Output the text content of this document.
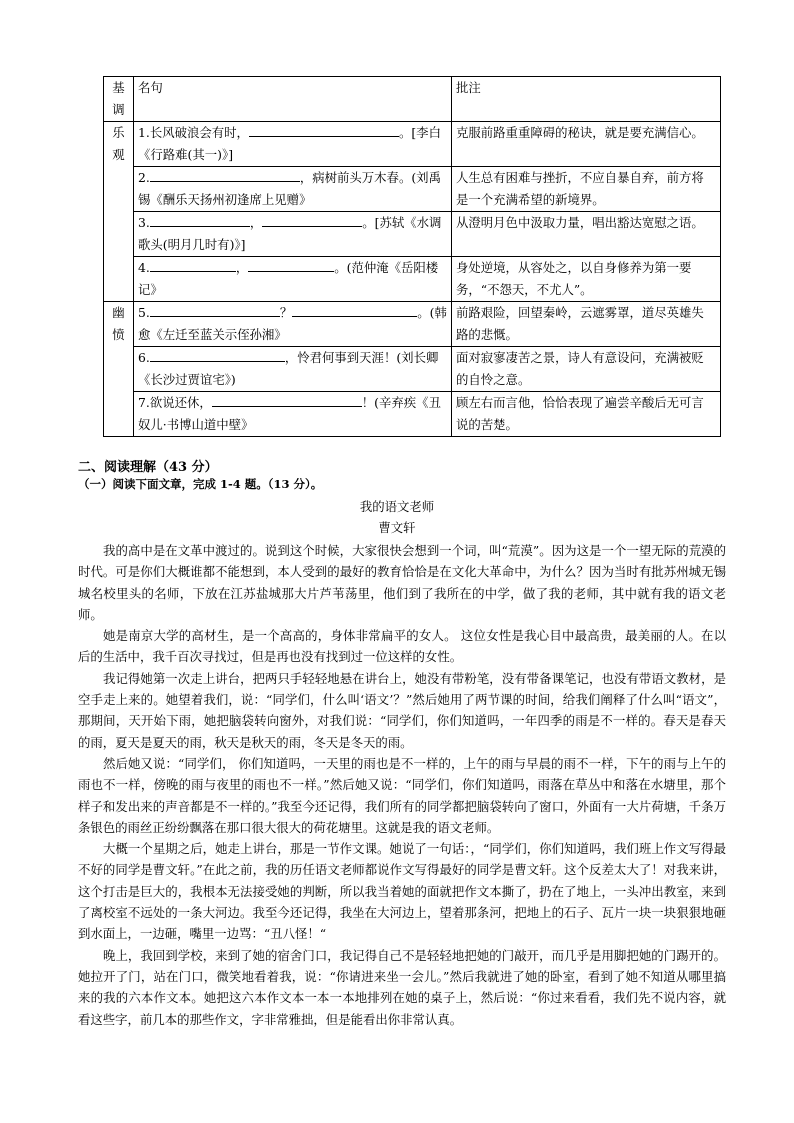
基调	名句	批注

乐观	1.长风破浪会有时， 。[李白《行路难(其一)》]	克服前路重重障碍的秘诀，就是要充满信心。
	2. ，病树前头万木春。(刘禹锡《酬乐天扬州初逢席上见赠》	人生总有困难与挫折，不应自暴自弃，前方将是一个充满希望的新境界。
	3. ， 。[苏轼《水调歌头(明月几时有)》]	从澄明月色中汲取力量，唱出豁达宽慰之语。
	4. ， 。(范仲淹《岳阳楼记》	身处逆境，从容处之，以自身修养为第一要务，“不怨天，不尤人”。

幽愤	5. ？ 。(韩愈《左迁至蓝关示侄孙湘》	前路艰险，回望秦岭，云遮雾罩，道尽英雄失路的悲慨。
	6. ，怜君何事到天涯！(刘长卿《长沙过贾谊宅》)	面对寂寥凄苦之景，诗人有意设问，充满被贬的自怜之意。
	7.欲说还休， ！(辛弃疾《丑奴儿·书博山道中壁》	顾左右而言他，恰恰表现了遍尝辛酸后无可言说的苦楚。
二、阅读理解（43 分）
（一）阅读下面文章，完成 1-4 题。（13 分）。
我的语文老师
曹文轩

我的高中是在文革中渡过的。说到这个时候，大家很快会想到一个词，叫“荒漠”。因为这是一个一望无际的荒漠的时代。可是你们大概谁都不能想到，本人受到的最好的教育恰恰是在文化大革命中，为什么？因为当时有批苏州城无锡城名校里头的名师，下放在江苏盐城那大片芦苇荡里，他们到了我所在的中学，做了我的老师，其中就有我的语文老师。

她是南京大学的高材生，是一个高高的，身体非常扁平的女人。 这位女性是我心目中最高贵，最美丽的人。在以后的生活中，我千百次寻找过，但是再也没有找到过一位这样的女性。

我记得她第一次走上讲台，把两只手轻轻地悬在讲台上，她没有带粉笔，没有带备课笔记，也没有带语文教材，是空手走上来的。她望着我们，说：“同学们，什么叫‘语文’？”然后她用了两节课的时间，给我们阐释了什么叫“语文”，那期间，天开始下雨，她把脑袋转向窗外，对我们说：“同学们，你们知道吗，一年四季的雨是不一样的。春天是春天的雨，夏天是夏天的雨，秋天是秋天的雨，冬天是冬天的雨。

然后她又说：“同学们， 你们知道吗，一天里的雨也是不一样的，上午的雨与早晨的雨不一样，下午的雨与上午的雨也不一样，傍晚的雨与夜里的雨也不一样。”然后她又说：“同学们，你们知道吗，雨落在草丛中和落在水塘里，那个样子和发出来的声音都是不一样的。”我至今还记得，我们所有的同学都把脑袋转向了窗口，外面有一大片荷塘，千条万条银色的雨丝正纷纷飘落在那口很大很大的荷花塘里。这就是我的语文老师。

大概一个星期之后，她走上讲台，那是一节作文课。她说了一句话：，“同学们，你们知道吗，我们班上作文写得最不好的同学是曹文轩。”在此之前，我的历任语文老师都说作文写得最好的同学是曹文轩。这个反差太大了！对我来讲，这个打击是巨大的，我根本无法接受她的判断，所以我当着她的面就把作文本撕了，扔在了地上，一头冲出教室，来到了离校室不远处的一条大河边。我至今还记得，我坐在大河边上，望着那条河，把地上的石子、瓦片一块一块狠狠地砸到水面上，一边砸，嘴里一边骂：“丑八怪！“

晚上，我回到学校，来到了她的宿舍门口，我记得自己不是轻轻地把她的门敲开，而几乎是用脚把她的门踢开的。她拉开了门，站在门口，微笑地看着我，说：“你请进来坐一会儿。”然后我就进了她的卧室，看到了她不知道从哪里搞来的我的六本作文本。她把这六本作文本一本一本地排列在她的桌子上，然后说：“你过来看看，我们先不说内容，就看这些字，前几本的那些作文，字非常雅拙，但是能看出你非常认真。
